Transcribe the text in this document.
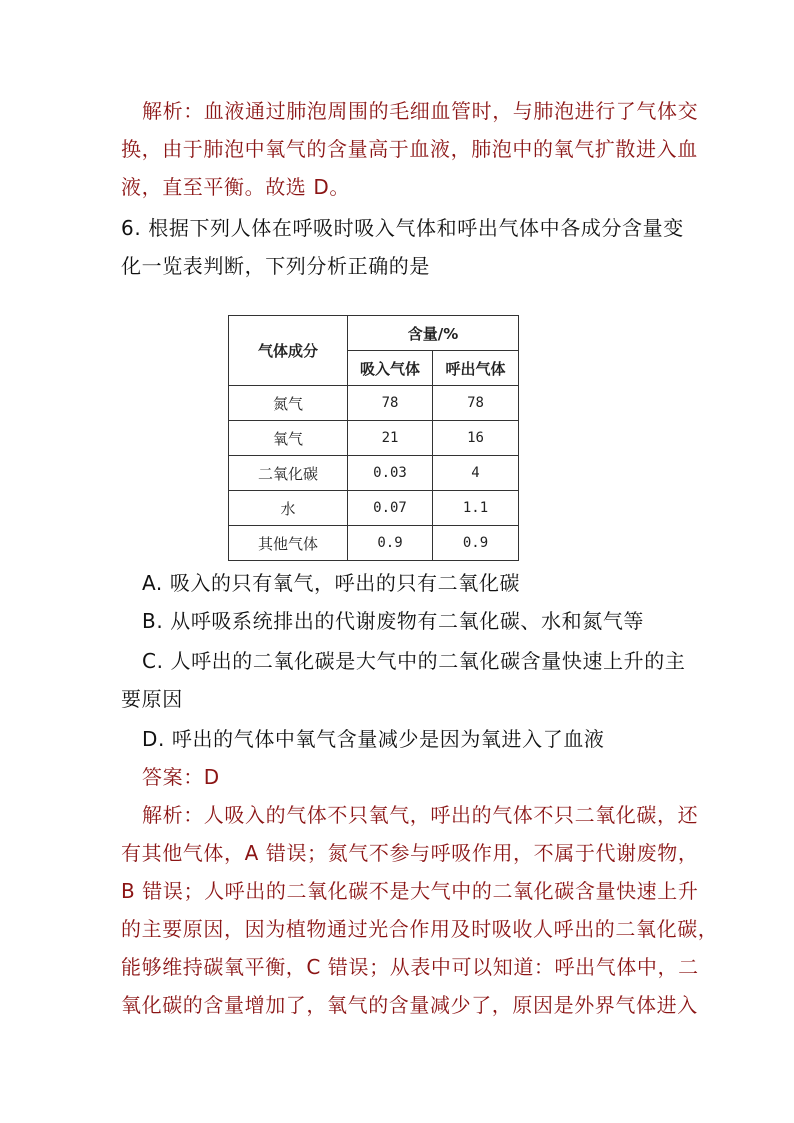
解析：血液通过肺泡周围的毛细血管时，与肺泡进行了气体交
换，由于肺泡中氧气的含量高于血液，肺泡中的氧气扩散进入血
液，直至平衡。故选 D。
6. 根据下列人体在呼吸时吸入气体和呼出气体中各成分含量变
化一览表判断，下列分析正确的是
气体成分	含量/%	
	吸入气体	呼出气体
氮气	78	78
氧气	21	16
二氧化碳	0.03	4
水	0.07	1.1
其他气体	0.9	0.9
A. 吸入的只有氧气，呼出的只有二氧化碳
B. 从呼吸系统排出的代谢废物有二氧化碳、水和氮气等
C. 人呼出的二氧化碳是大气中的二氧化碳含量快速上升的主
要原因
D. 呼出的气体中氧气含量减少是因为氧进入了血液
答案：D
解析：人吸入的气体不只氧气，呼出的气体不只二氧化碳，还
有其他气体，A 错误；氮气不参与呼吸作用，不属于代谢废物，
B 错误；人呼出的二氧化碳不是大气中的二氧化碳含量快速上升
的主要原因，因为植物通过光合作用及时吸收人呼出的二氧化碳，
能够维持碳氧平衡，C 错误；从表中可以知道：呼出气体中，二
氧化碳的含量增加了，氧气的含量减少了，原因是外界气体进入
